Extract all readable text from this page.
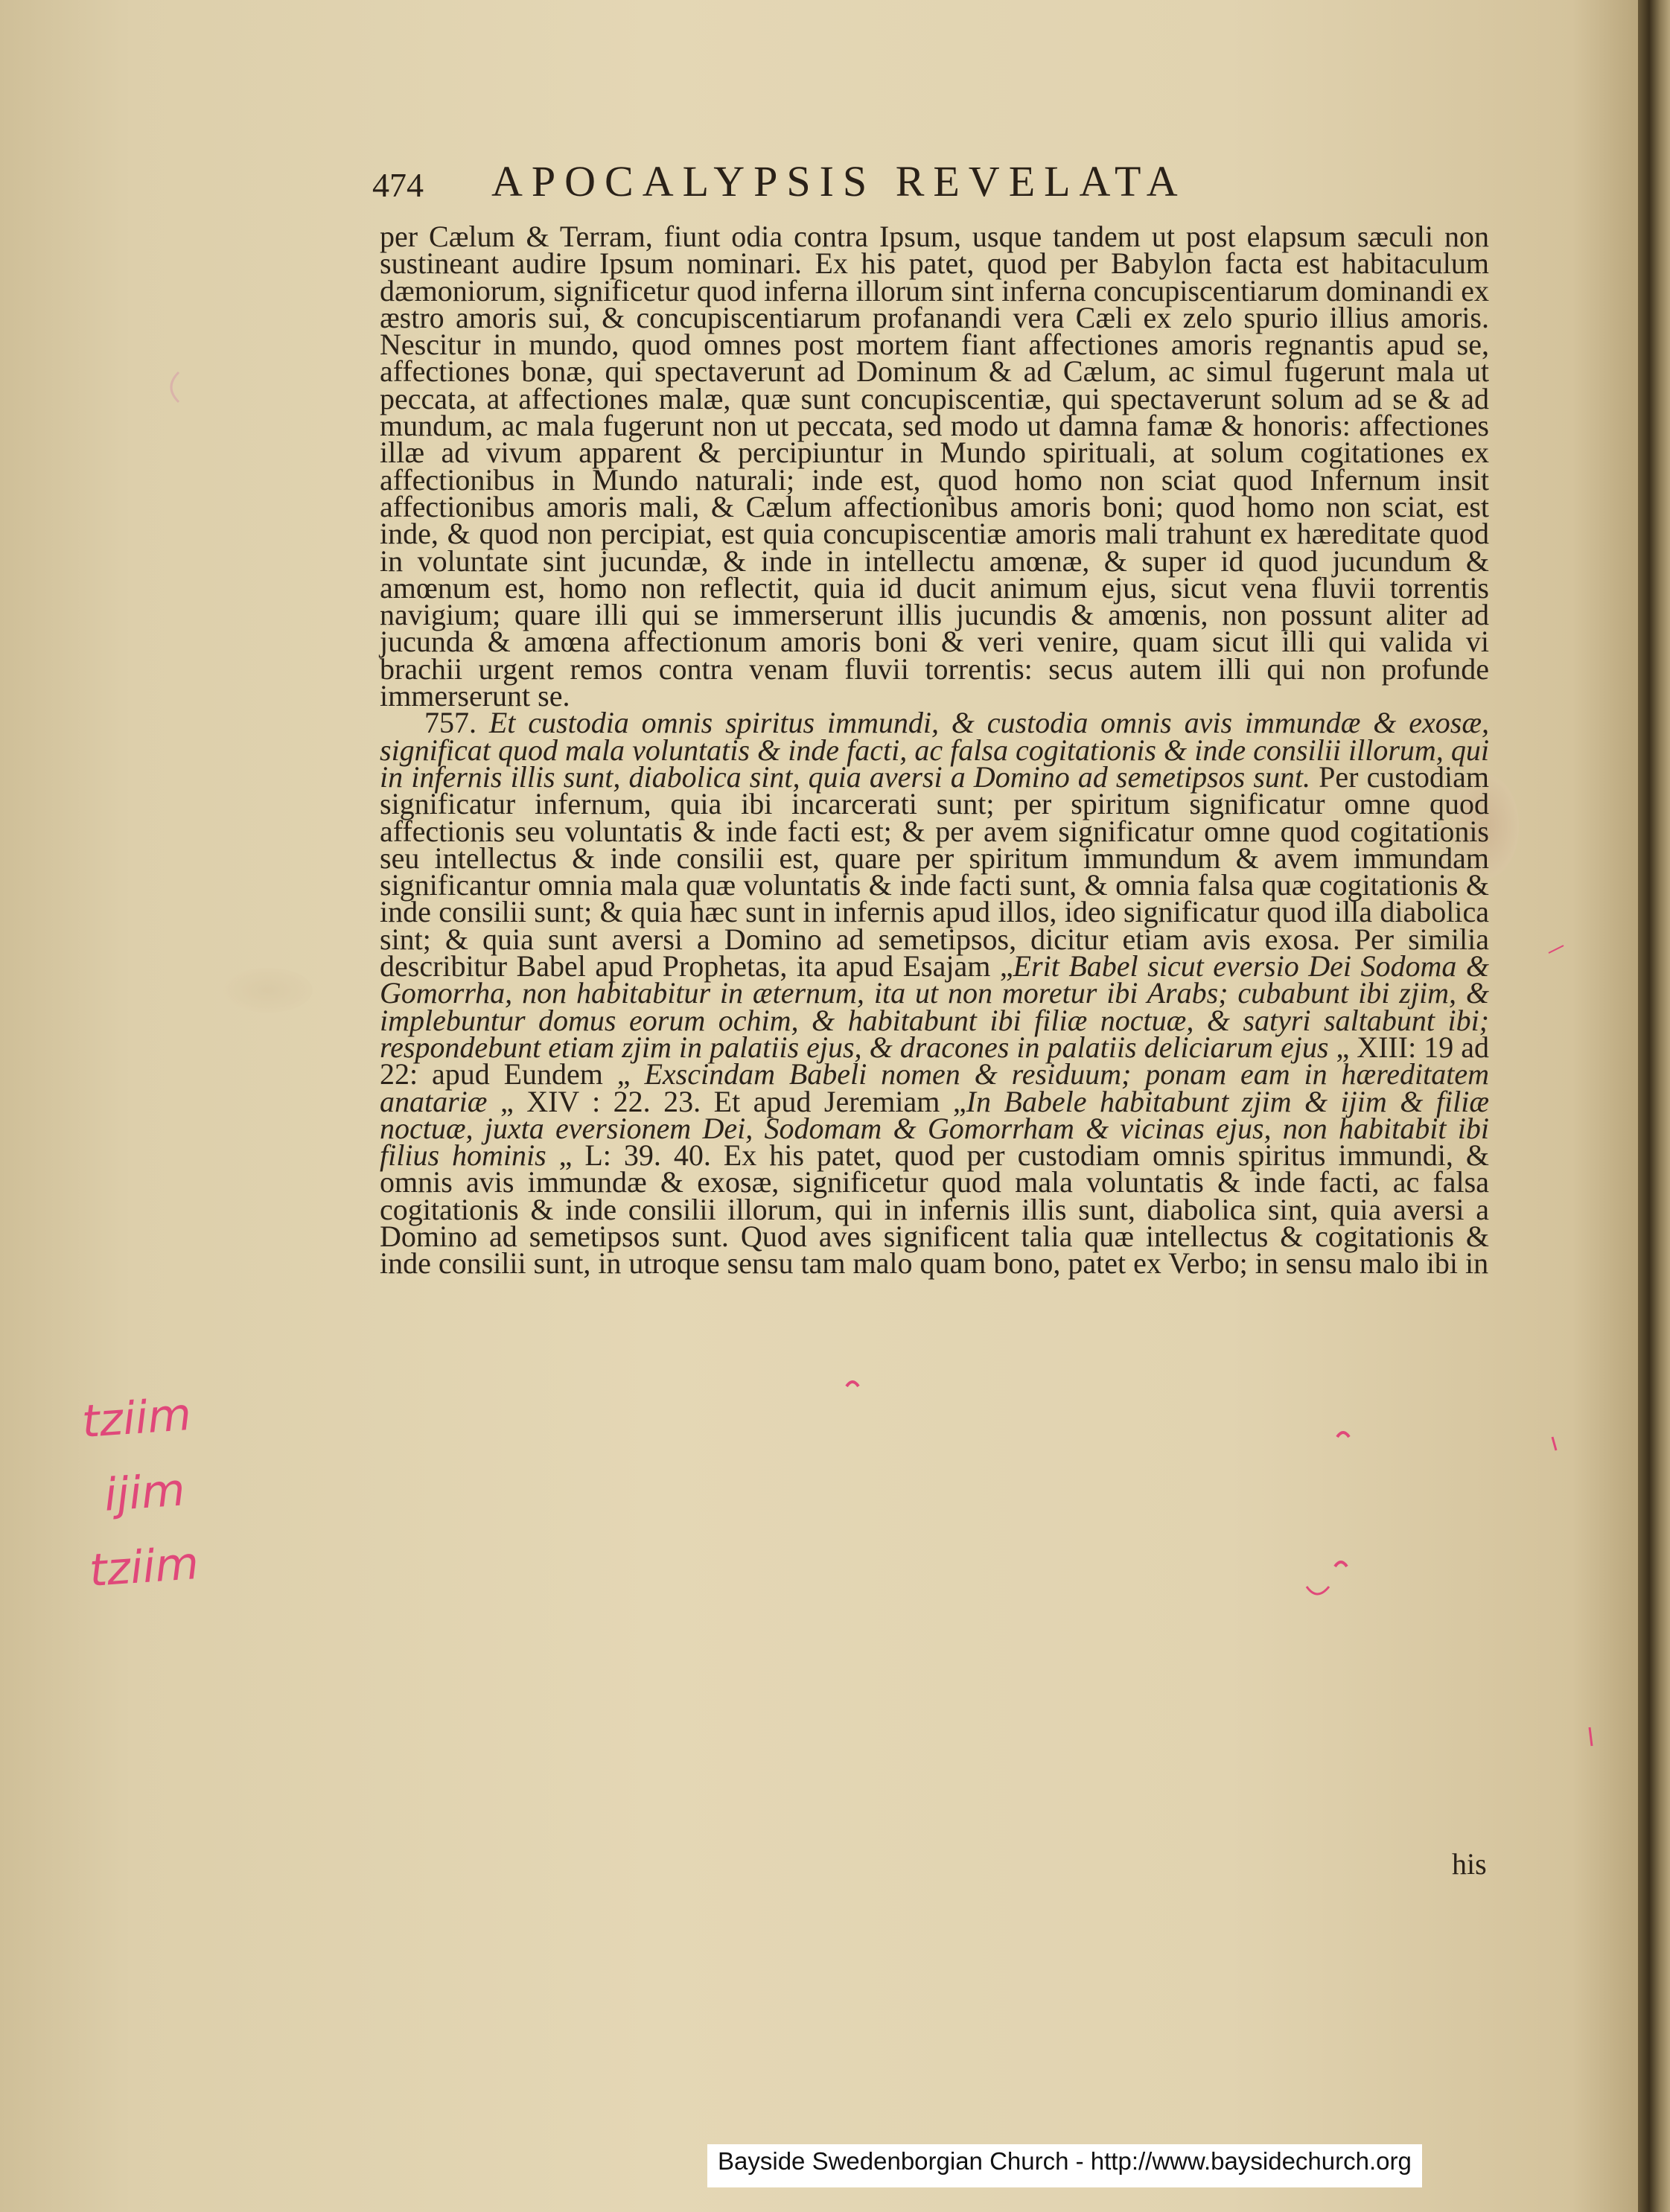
474 APOCALYPSIS REVELATA

per Cælum & Terram, fiunt odia contra Ipsum, usque tandem ut post elapsum sæculi non sustineant audire Ipsum nominari. Ex his patet, quod per Babylon facta est habitaculum dæmoniorum, significetur quod inferna illorum sint inferna concupiscentiarum dominandi ex æstro amoris sui, & concupiscentiarum profanandi vera Cæli ex zelo spurio illius amoris. Nescitur in mundo, quod omnes post mortem fiant affectiones amoris regnantis apud se, affectiones bonæ, qui spectaverunt ad Dominum & ad Cælum, ac simul fugerunt mala ut peccata, at affectiones malæ, quæ sunt concupiscentiæ, qui spectaverunt solum ad se & ad mundum, ac mala fugerunt non ut peccata, sed modo ut damna famæ & honoris: affectiones illæ ad vivum apparent & percipiuntur in Mundo spirituali, at solum cogitationes ex affectionibus in Mundo naturali; inde est, quod homo non sciat quod Infernum insit affectionibus amoris mali, & Cælum affectionibus amoris boni; quod homo non sciat, est inde, & quod non percipiat, est quia concupiscentiæ amoris mali trahunt ex hæreditate quod in voluntate sint jucundæ, & inde in intellectu amœnæ, & super id quod jucundum & amœnum est, homo non reflectit, quia id ducit animum ejus, sicut vena fluvii torrentis navigium; quare illi qui se immerserunt illis jucundis & amœnis, non possunt aliter ad jucunda & amœna affectionum amoris boni & veri venire, quam sicut illi qui valida vi brachii urgent remos contra venam fluvii torrentis: secus autem illi qui non profunde immerserunt se.

757. Et custodia omnis spiritus immundi, & custodia omnis avis immundæ & exosæ, significat quod mala voluntatis & inde facti, ac falsa cogitationis & inde consilii illorum, qui in infernis illis sunt, diabolica sint, quia aversi a Domino ad semetipsos sunt. Per custodiam significatur infernum, quia ibi incarcerati sunt; per spiritum significatur omne quod affectionis seu voluntatis & inde facti est; & per avem significatur omne quod cogitationis seu intellectus & inde consilii est, quare per spiritum immundum & avem immundam significantur omnia mala quæ voluntatis & inde facti sunt, & omnia falsa quæ cogitationis & inde consilii sunt; & quia hæc sunt in infernis apud illos, ideo significatur quod illa diabolica sint; & quia sunt aversi a Domino ad semetipsos, dicitur etiam avis exosa. Per similia describitur Babel apud Prophetas, ita apud Esajam „Erit Babel sicut eversio Dei Sodoma & Gomorrha, non habitabitur in æternum, ita ut non moretur ibi Arabs; cubabunt ibi zjim, & implebuntur domus eorum ochim, & habitabunt ibi filiæ noctuæ, & satyri saltabunt ibi; respondebunt etiam zjim in palatiis ejus, & dracones in palatiis deliciarum ejus „ XIII: 19 ad 22: apud Eundem „ Exscindam Babeli nomen & residuum; ponam eam in hæreditatem anatariæ „ XIV : 22. 23. Et apud Jeremiam „In Babele habitabunt zjim & ijim & filiæ noctuæ, juxta eversionem Dei, Sodomam & Gomorrham & vicinas ejus, non habitabit ibi filius hominis „ L: 39. 40. Ex his patet, quod per custodiam omnis spiritus immundi, & omnis avis immundæ & exosæ, significetur quod mala voluntatis & inde facti, ac falsa cogitationis & inde consilii illorum, qui in infernis illis sunt, diabolica sint, quia aversi a Domino ad semetipsos sunt. Quod aves significent talia quæ intellectus & cogitationis & inde consilii sunt, in utroque sensu tam malo quam bono, patet ex Verbo; in sensu malo ibi in

his
tziim
ijim
tziim
Bayside Swedenborgian Church - http://www.baysidechurch.org
